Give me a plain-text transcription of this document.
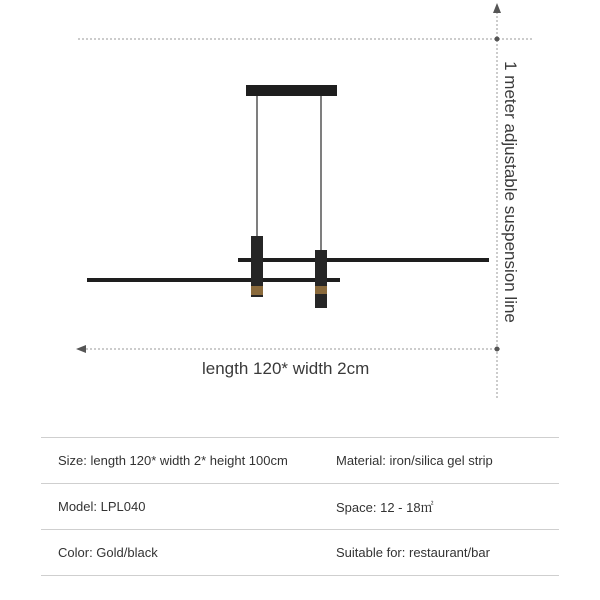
length 120* width 2cm
1 meter adjustable suspension line
Size: length 120* width 2* height 100cm	Material: iron/silica gel strip
Model: LPL040	Space: 12 - 18㎡
Color: Gold/black	Suitable for: restaurant/bar
